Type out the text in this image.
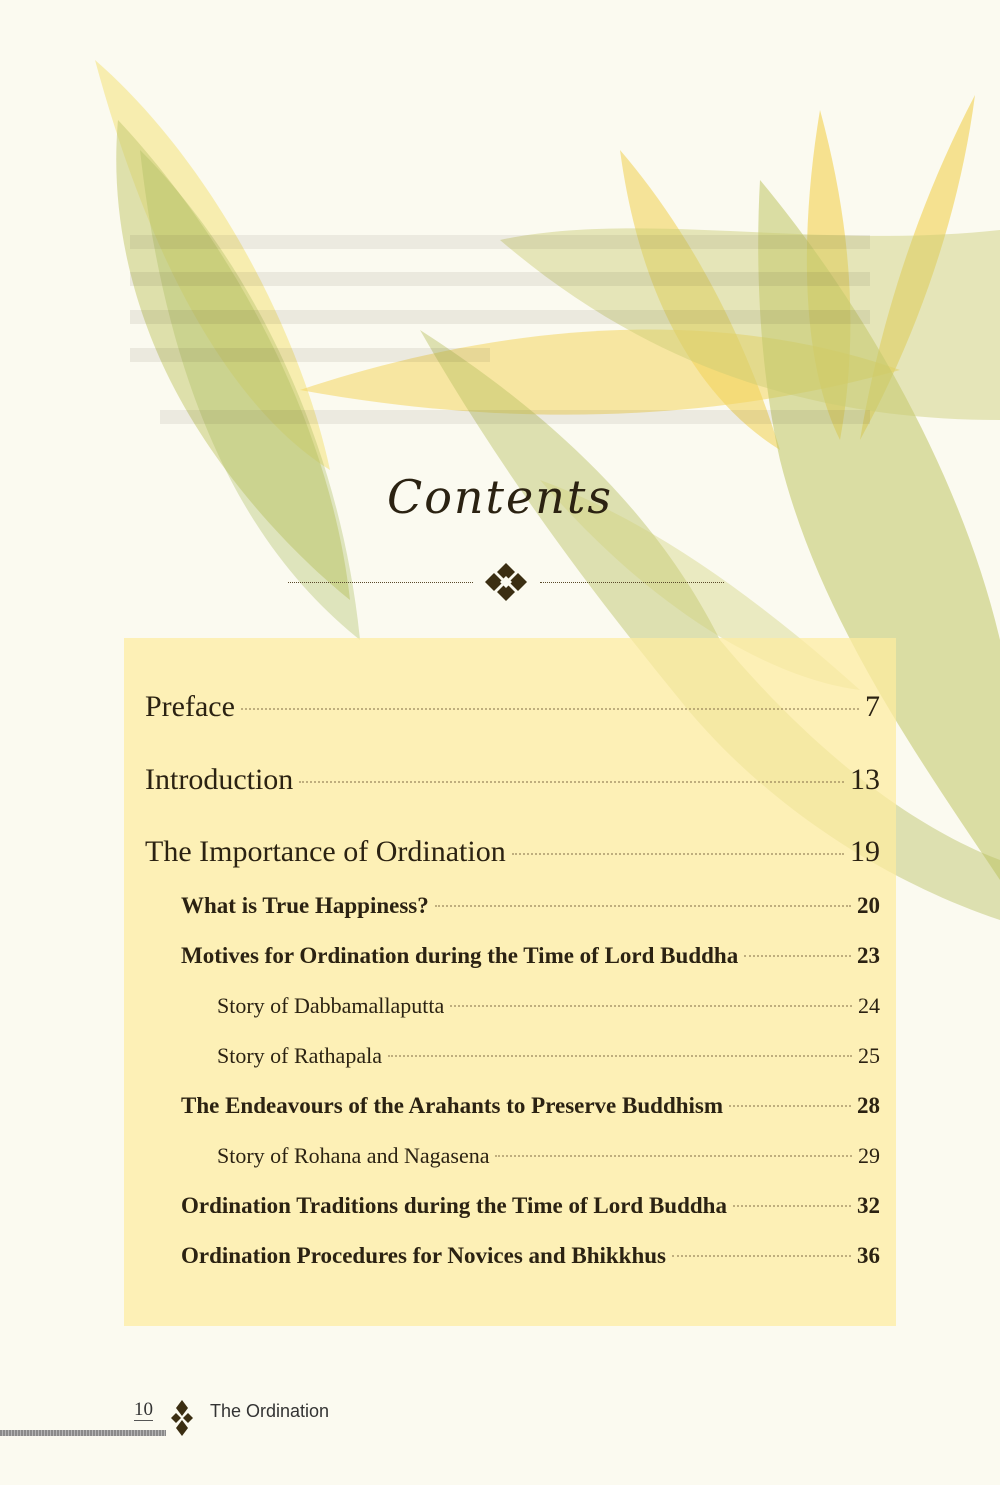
Contents
Preface	7
Introduction	13
The Importance of Ordination	19
What is True Happiness?	20
Motives for Ordination during the Time of Lord Buddha	23
Story of Dabbamallaputta	24
Story of Rathapala	25
The Endeavours of the Arahants to Preserve Buddhism	28
Story of Rohana and Nagasena	29
Ordination Traditions during the Time of Lord Buddha	32
Ordination Procedures for Novices and Bhikkhus	36
10	The Ordination
